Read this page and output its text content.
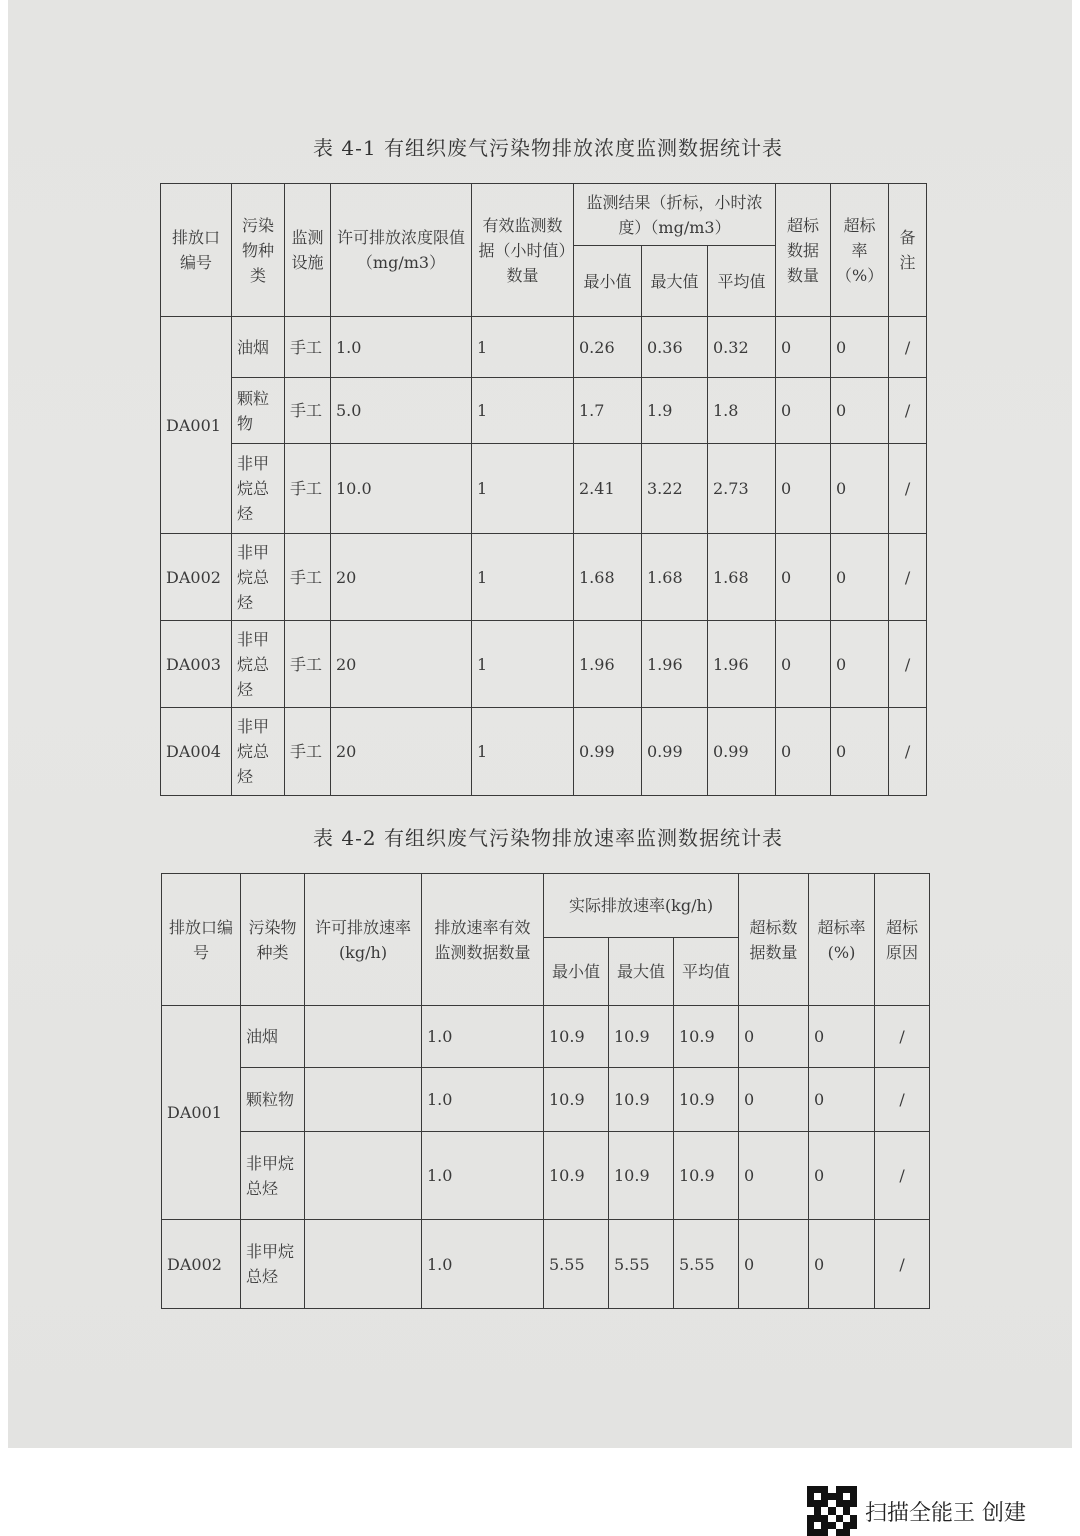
表 4-1 有组织废气污染物排放浓度监测数据统计表
排放口编号	污染物种类	监测设施	许可排放浓度限值（mg/m3）	有效监测数据（小时值）数量	监测结果（折标，小时浓度）（mg/m3）			超标数据数量	超标率（%）	备注
					最小值	最大值	平均值			
DA001	油烟	手工	1.0	1	0.26	0.36	0.32	0	0	/
	颗粒物	手工	5.0	1	1.7	1.9	1.8	0	0	/
	非甲烷总烃	手工	10.0	1	2.41	3.22	2.73	0	0	/
DA002	非甲烷总烃	手工	20	1	1.68	1.68	1.68	0	0	/
DA003	非甲烷总烃	手工	20	1	1.96	1.96	1.96	0	0	/
DA004	非甲烷总烃	手工	20	1	0.99	0.99	0.99	0	0	/
表 4-2 有组织废气污染物排放速率监测数据统计表
排放口编号	污染物种类	许可排放速率(kg/h)	排放速率有效监测数据数量	实际排放速率(kg/h)			超标数据数量	超标率(%)	超标原因
				最小值	最大值	平均值			
DA001	油烟		1.0	10.9	10.9	10.9	0	0	/
	颗粒物		1.0	10.9	10.9	10.9	0	0	/
	非甲烷总烃		1.0	10.9	10.9	10.9	0	0	/
DA002	非甲烷总烃		1.0	5.55	5.55	5.55	0	0	/
扫描全能王 创建
